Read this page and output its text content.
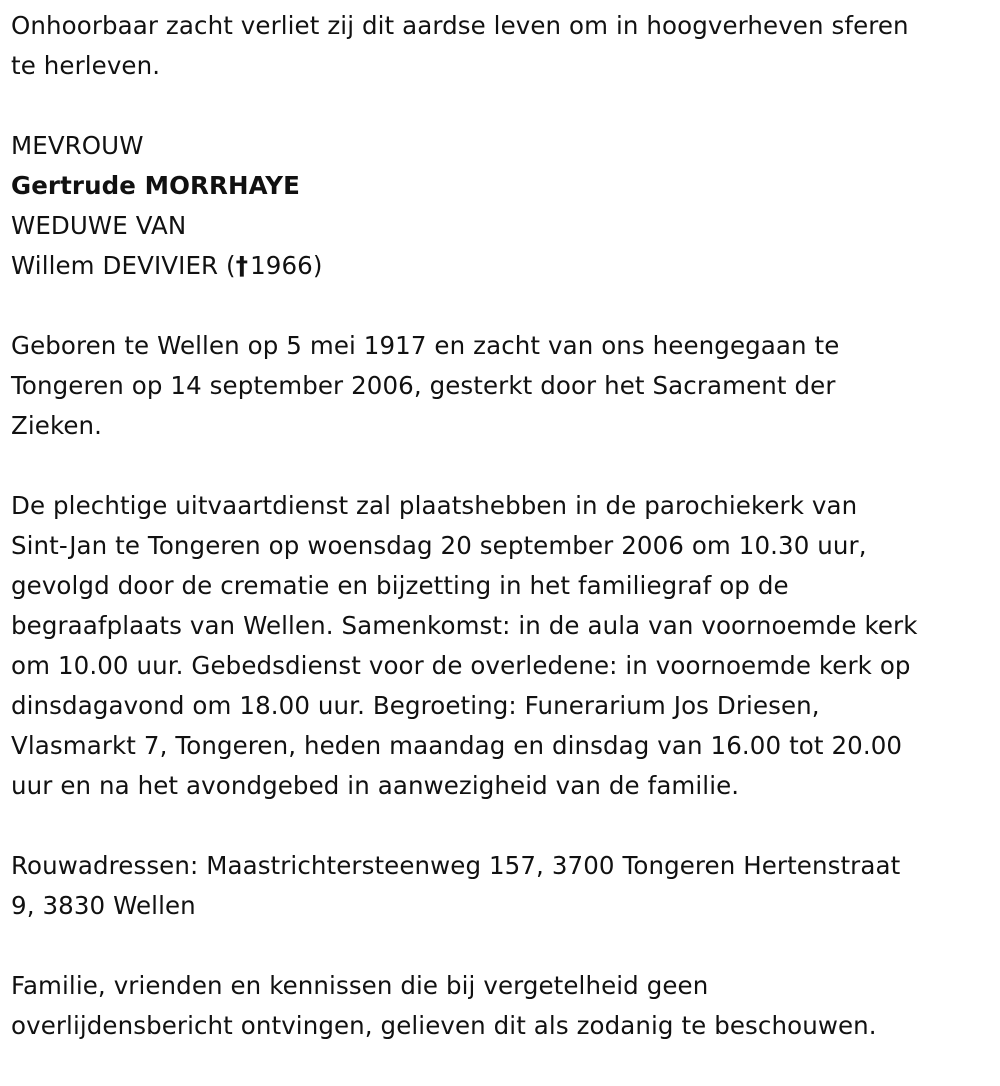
Onhoorbaar zacht verliet zij dit aardse leven om in hoogverheven sferen
te herleven.

MEVROUW
Gertrude MORRHAYE
WEDUWE VAN
Willem DEVIVIER (†1966)

Geboren te Wellen op 5 mei 1917 en zacht van ons heengegaan te
Tongeren op 14 september 2006, gesterkt door het Sacrament der
Zieken.

De plechtige uitvaartdienst zal plaatshebben in de parochiekerk van
Sint-Jan te Tongeren op woensdag 20 september 2006 om 10.30 uur,
gevolgd door de crematie en bijzetting in het familiegraf op de
begraafplaats van Wellen. Samenkomst: in de aula van voornoemde kerk
om 10.00 uur. Gebedsdienst voor de overledene: in voornoemde kerk op
dinsdagavond om 18.00 uur. Begroeting: Funerarium Jos Driesen,
Vlasmarkt 7, Tongeren, heden maandag en dinsdag van 16.00 tot 20.00
uur en na het avondgebed in aanwezigheid van de familie.

Rouwadressen: Maastrichtersteenweg 157, 3700 Tongeren Hertenstraat
9, 3830 Wellen

Familie, vrienden en kennissen die bij vergetelheid geen
overlijdensbericht ontvingen, gelieven dit als zodanig te beschouwen.
